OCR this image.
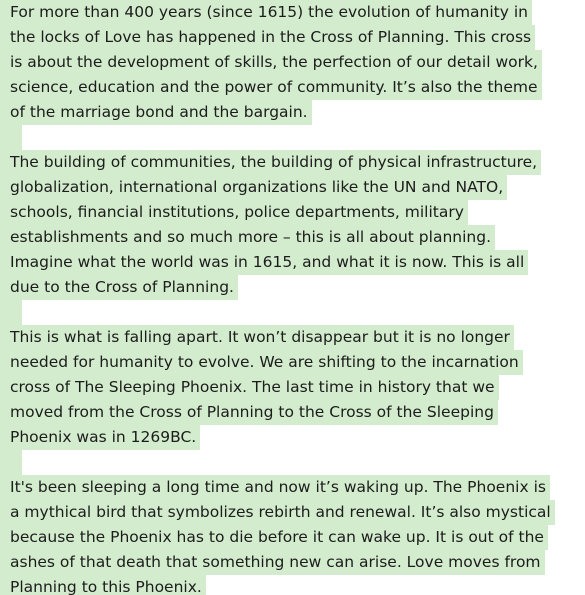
For more than 400 years (since 1615) the evolution of humanity in
the locks of Love has happened in the Cross of Planning. This cross
is about the development of skills, the perfection of our detail work,
science, education and the power of community. It’s also the theme
of the marriage bond and the bargain.
The building of communities, the building of physical infrastructure,
globalization, international organizations like the UN and NATO,
schools, financial institutions, police departments, military
establishments and so much more – this is all about planning.
Imagine what the world was in 1615, and what it is now. This is all
due to the Cross of Planning.
This is what is falling apart. It won’t disappear but it is no longer
needed for humanity to evolve. We are shifting to the incarnation
cross of The Sleeping Phoenix. The last time in history that we
moved from the Cross of Planning to the Cross of the Sleeping
Phoenix was in 1269BC.
It's been sleeping a long time and now it’s waking up. The Phoenix is
a mythical bird that symbolizes rebirth and renewal. It’s also mystical
because the Phoenix has to die before it can wake up. It is out of the
ashes of that death that something new can arise. Love moves from
Planning to this Phoenix.
